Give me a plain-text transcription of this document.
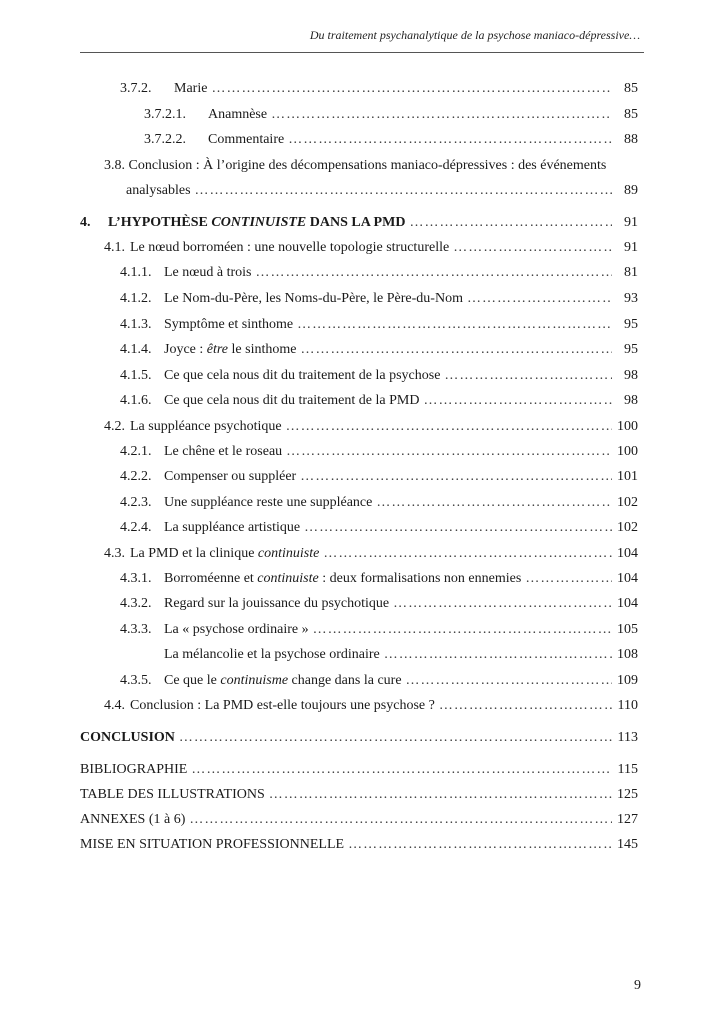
Du traitement psychanalytique de la psychose maniaco-dépressive…
3.7.2.	Marie ……………………………………………………………………………………………………………………………………………………………………………	85
3.7.2.1.	Anamnèse ……………………………………………………………………………………………………………………………………………………………………………	85
3.7.2.2.	Commentaire ……………………………………………………………………………………………………………………………………………………………………………	88
3.8. Conclusion : À l’origine des décompensations maniaco-dépressives : des événements
analysables ……………………………………………………………………………………………………………………………………………………………………………	89
4.	L’HYPOTHÈSE CONTINUISTE DANS LA PMD ……………………………………………………………………………………………………………………………………………………………………………	91
4.1. Le nœud borroméen : une nouvelle topologie structurelle ……………………………………………………………………………………………………………………………………………………………………………	91
4.1.1. Le nœud à trois ……………………………………………………………………………………………………………………………………………………………………………	81
4.1.2. Le Nom-du-Père, les Noms-du-Père, le Père-du-Nom ……………………………………………………………………………………………………………………………………………………………………………	93
4.1.3. Symptôme et sinthome ……………………………………………………………………………………………………………………………………………………………………………	95
4.1.4. Joyce : être le sinthome ……………………………………………………………………………………………………………………………………………………………………………	95
4.1.5. Ce que cela nous dit du traitement de la psychose ……………………………………………………………………………………………………………………………………………………………………………	98
4.1.6. Ce que cela nous dit du traitement de la PMD ……………………………………………………………………………………………………………………………………………………………………………	98
4.2. La suppléance psychotique ……………………………………………………………………………………………………………………………………………………………………………	100
4.2.1. Le chêne et le roseau ……………………………………………………………………………………………………………………………………………………………………………	100
4.2.2. Compenser ou suppléer ……………………………………………………………………………………………………………………………………………………………………………	101
4.2.3. Une suppléance reste une suppléance ……………………………………………………………………………………………………………………………………………………………………………	102
4.2.4. La suppléance artistique ……………………………………………………………………………………………………………………………………………………………………………	102
4.3. La PMD et la clinique continuiste ……………………………………………………………………………………………………………………………………………………………………………	104
4.3.1. Borroméenne et continuiste : deux formalisations non ennemies ……………………………………………………………………………………………………………………………………………………………………………	104
4.3.2. Regard sur la jouissance du psychotique ……………………………………………………………………………………………………………………………………………………………………………	104
4.3.3. La « psychose ordinaire » ……………………………………………………………………………………………………………………………………………………………………………	105
La mélancolie et la psychose ordinaire ……………………………………………………………………………………………………………………………………………………………………………	108
4.3.5. Ce que le continuisme change dans la cure ……………………………………………………………………………………………………………………………………………………………………………	109
4.4. Conclusion : La PMD est-elle toujours une psychose ? ……………………………………………………………………………………………………………………………………………………………………………	110
CONCLUSION ……………………………………………………………………………………………………………………………………………………………………………	113
BIBLIOGRAPHIE ……………………………………………………………………………………………………………………………………………………………………………	115
TABLE DES ILLUSTRATIONS ……………………………………………………………………………………………………………………………………………………………………………	125
ANNEXES (1 à 6) ……………………………………………………………………………………………………………………………………………………………………………	127
MISE EN SITUATION PROFESSIONNELLE ……………………………………………………………………………………………………………………………………………………………………………	145
9
